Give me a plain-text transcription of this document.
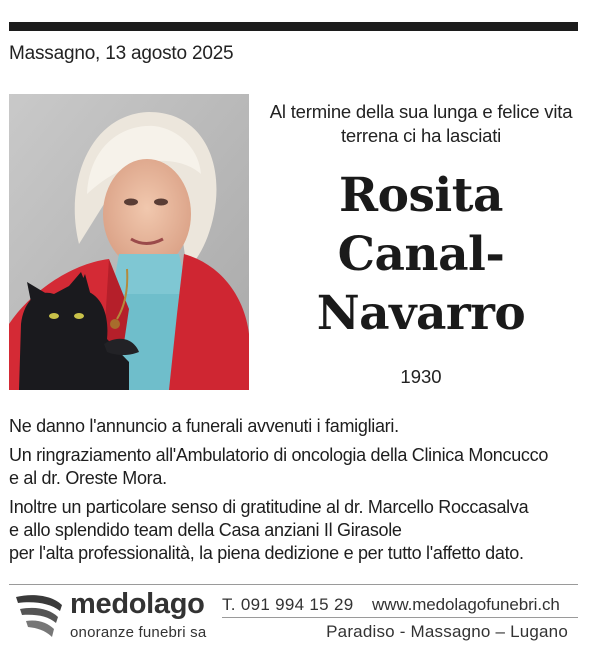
Massagno, 13 agosto 2025
Al termine della sua lunga e felice vita
terrena ci ha lasciati
Rosita
Canal-
Navarro
1930

Ne danno l'annuncio a funerali avvenuti i famigliari.

Un ringraziamento all'Ambulatorio di oncologia della Clinica Moncucco
e al dr. Oreste Mora.

Inoltre un particolare senso di gratitudine al dr. Marcello Roccasalva
e allo splendido team della Casa anziani Il Girasole
per l'alta professionalità, la piena dedizione e per tutto l'affetto dato.

medolago
onoranze funebri sa
T. 091 994 15 29 www.medolagofunebri.ch
Paradiso - Massagno – Lugano
